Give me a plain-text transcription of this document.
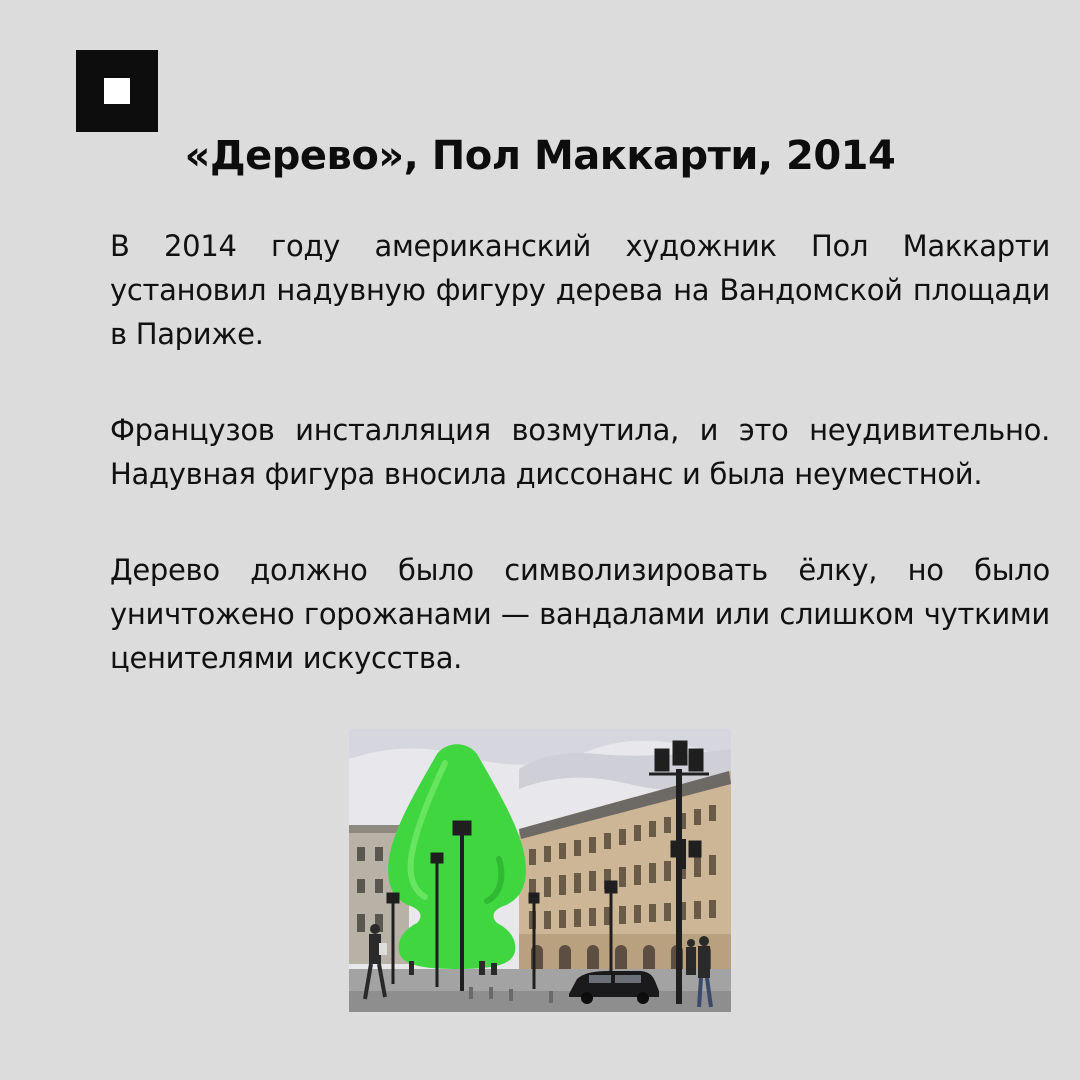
«Дерево», Пол Маккарти, 2014
В 2014 году американский художник Пол Маккарти установил надувную фигуру дерева на Вандомской площади в Париже.
Французов инсталляция возмутила, и это неудивительно. Надувная фигура вносила диссонанс и была неуместной.
Дерево должно было символизировать ёлку, но было уничтожено горожанами — вандалами или слишком чуткими ценителями искусства.
